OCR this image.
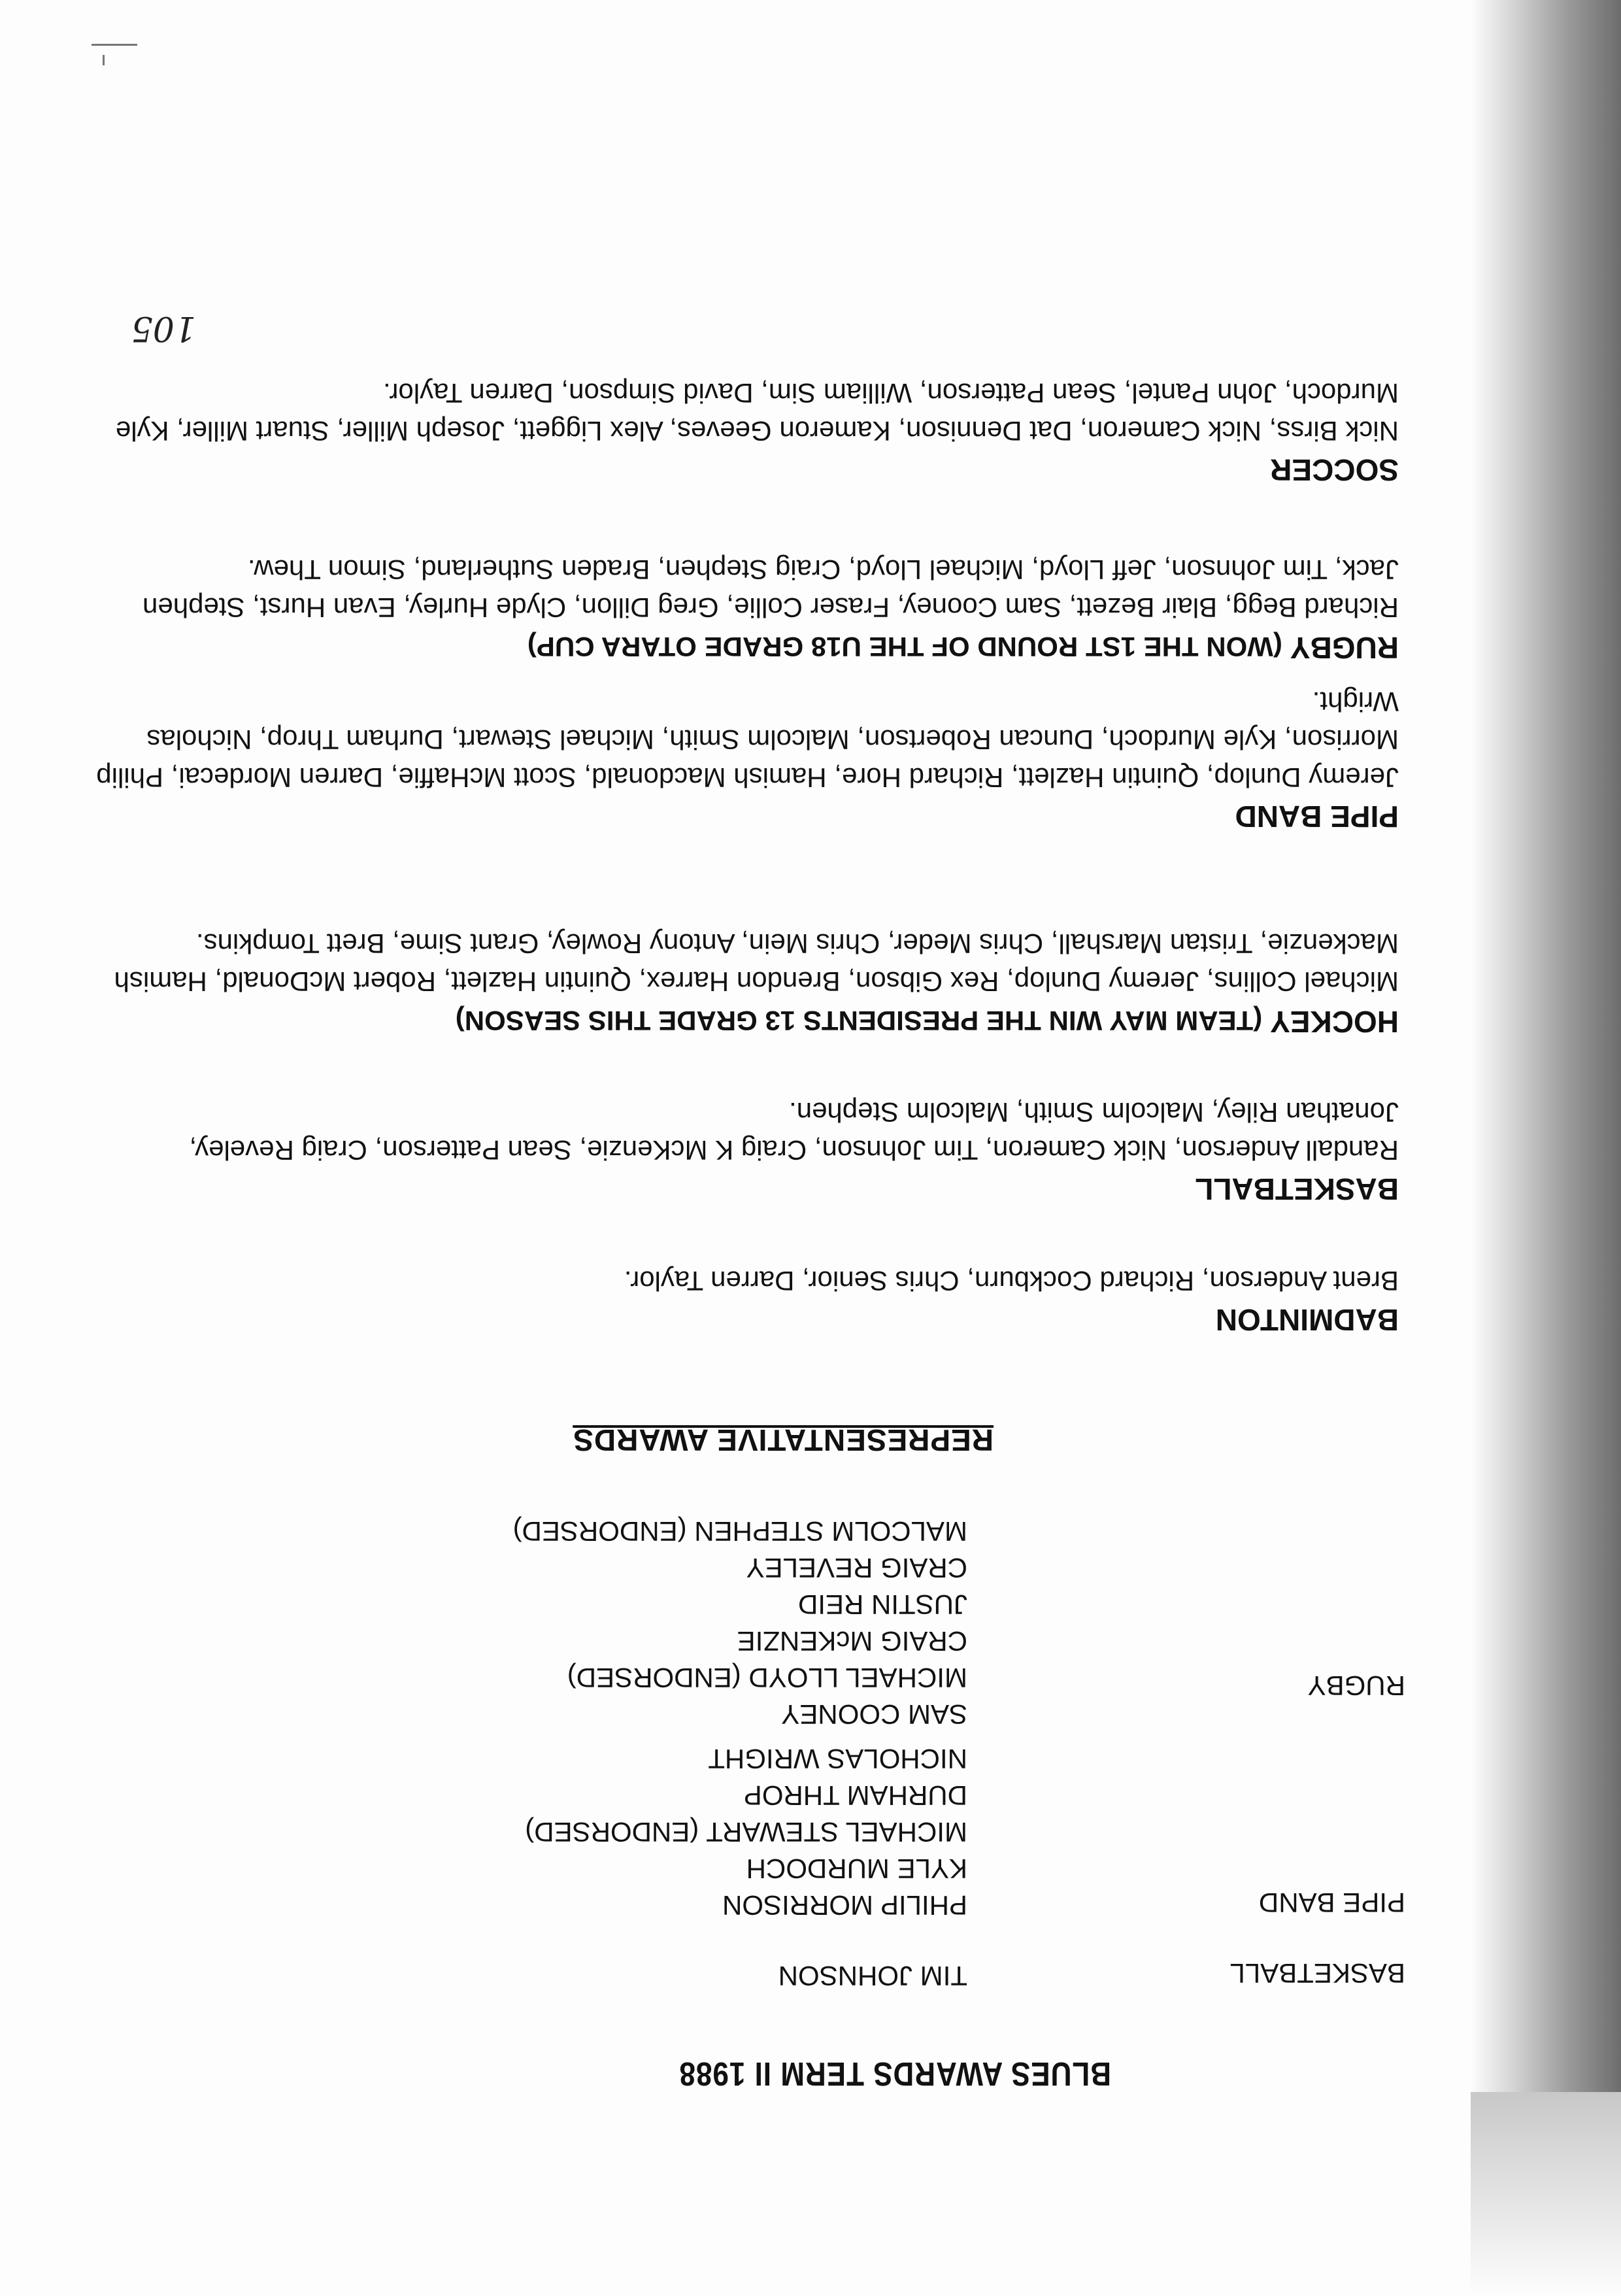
BLUES AWARDS TERM II 1988
BASKETBALL
TIM JOHNSON
PIPE BAND
PHILIP MORRISON
KYLE MURDOCH
MICHAEL STEWART (ENDORSED)
DURHAM THROP
NICHOLAS WRIGHT
RUGBY
SAM COONEY
MICHAEL LLOYD (ENDORSED)
CRAIG McKENZIE
JUSTIN REID
CRAIG REVELEY
MALCOLM STEPHEN (ENDORSED)
REPRESENTATIVE AWARDS
BADMINTON

Brent Anderson, Richard Cockburn, Chris Senior, Darren Taylor.

BASKETBALL

Randall Anderson, Nick Cameron, Tim Johnson, Craig K McKenzie, Sean Patterson, Craig Reveley, Jonathan Riley, Malcolm Smith, Malcolm Stephen.

HOCKEY (TEAM MAY WIN THE PRESIDENTS 13 GRADE THIS SEASON)

Michael Collins, Jeremy Dunlop, Rex Gibson, Brendon Harrex, Quintin Hazlett, Robert McDonald, Hamish Mackenzie, Tristan Marshall, Chris Meder, Chris Mein, Antony Rowley, Grant Sime, Brett Tompkins.

PIPE BAND

Jeremy Dunlop, Quintin Hazlett, Richard Hore, Hamish Macdonald, Scott McHaffie, Darren Mordecai, Philip Morrison, Kyle Murdoch, Duncan Robertson, Malcolm Smith, Michael Stewart, Durham Throp, Nicholas Wright.

RUGBY (WON THE 1ST ROUND OF THE U18 GRADE OTARA CUP)

Richard Begg, Blair Bezett, Sam Cooney, Fraser Collie, Greg Dillon, Clyde Hurley, Evan Hurst, Stephen Jack, Tim Johnson, Jeff Lloyd, Michael Lloyd, Craig Stephen, Braden Sutherland, Simon Thew.

SOCCER

Nick Birss, Nick Cameron, Dat Dennison, Kameron Geeves, Alex Liggett, Joseph Miller, Stuart Miller, Kyle Murdoch, John Pantel, Sean Patterson, William Sim, David Simpson, Darren Taylor.

105
